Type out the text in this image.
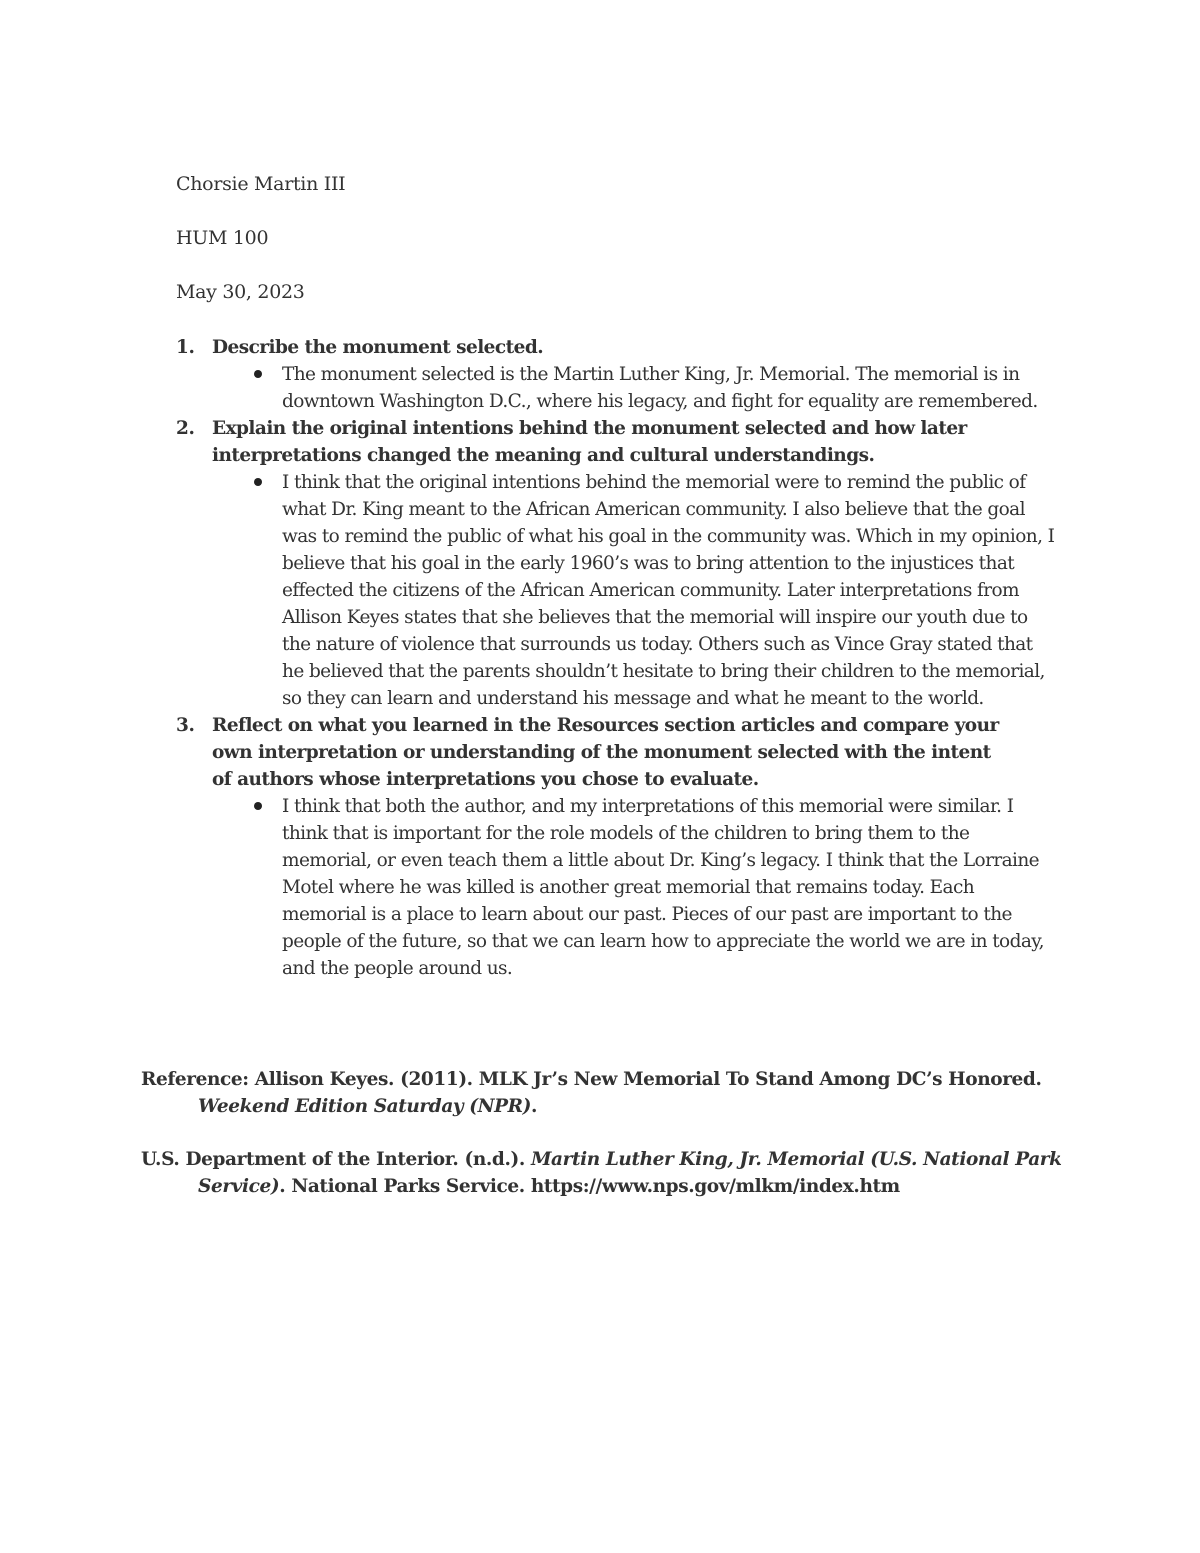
Chorsie Martin III
HUM 100
May 30, 2023
1. Describe the monument selected.
The monument selected is the Martin Luther King, Jr. Memorial. The memorial is in downtown Washington D.C., where his legacy, and fight for equality are remembered.
2. Explain the original intentions behind the monument selected and how later interpretations changed the meaning and cultural understandings.
I think that the original intentions behind the memorial were to remind the public of what Dr. King meant to the African American community. I also believe that the goal was to remind the public of what his goal in the community was. Which in my opinion, I believe that his goal in the early 1960’s was to bring attention to the injustices that effected the citizens of the African American community. Later interpretations from Allison Keyes states that she believes that the memorial will inspire our youth due to the nature of violence that surrounds us today. Others such as Vince Gray stated that he believed that the parents shouldn’t hesitate to bring their children to the memorial, so they can learn and understand his message and what he meant to the world.
3. Reflect on what you learned in the Resources section articles and compare your own interpretation or understanding of the monument selected with the intent of authors whose interpretations you chose to evaluate.
I think that both the author, and my interpretations of this memorial were similar. I think that is important for the role models of the children to bring them to the memorial, or even teach them a little about Dr. King’s legacy. I think that the Lorraine Motel where he was killed is another great memorial that remains today. Each memorial is a place to learn about our past. Pieces of our past are important to the people of the future, so that we can learn how to appreciate the world we are in today, and the people around us.
Reference: Allison Keyes. (2011). MLK Jr’s New Memorial To Stand Among DC’s Honored. Weekend Edition Saturday (NPR).
U.S. Department of the Interior. (n.d.). Martin Luther King, Jr. Memorial (U.S. National Park Service). National Parks Service. https://www.nps.gov/mlkm/index.htm
